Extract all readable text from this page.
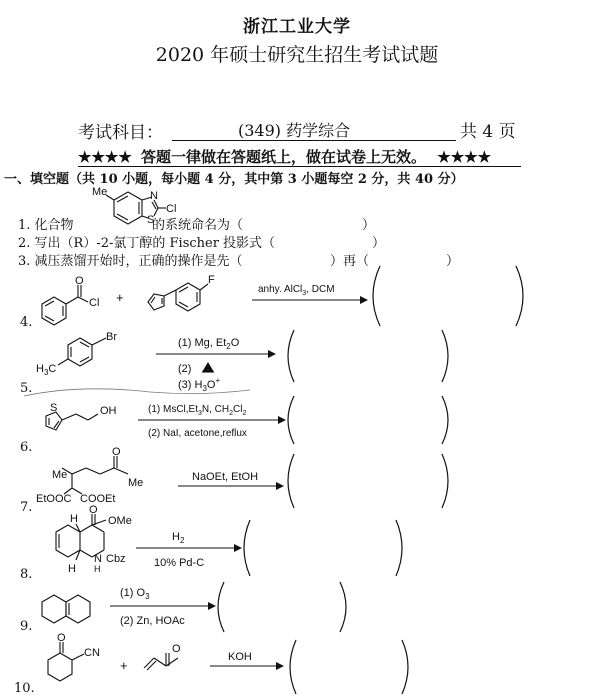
浙江工业大学
2020 年硕士研究生招生考试试题
考试科目：	(349) 药学综合	共 4 页
★★★★ 答题一律做在答题纸上，做在试卷上无效。 ★★★★
一、填空题（共 10 小题，每小题 4 分，其中第 3 小题每空 2 分，共 40 分）
1. 化合物	的系统命名为（	）
2. 写出（R）-2-氯丁醇的 Fischer 投影式（	）
3. 减压蒸馏开始时，正确的操作是先（	）再（	）
4.
5.
6.
7.
8.
9.
10.
Me	N
S
Cl
O
Cl +
F
anhy. AlCl$_3$, DCM
Br
$H_3C$
(1) Mg, $Et_2O$
(2)
(3) $H_3O^+$
S	OH	(1) $MsCl,Et_3N$, $CH_2Cl_2$
(2) NaI, acetone,reflux
Me
O
Me
EtOOC COOEt
NaOEt, EtOH
H
O
OMe
N
H
Cbz
H
$H_2$
10% Pd-C
(1) $O_3$
(2) Zn, HOAc
O
CN
+
O
KOH
